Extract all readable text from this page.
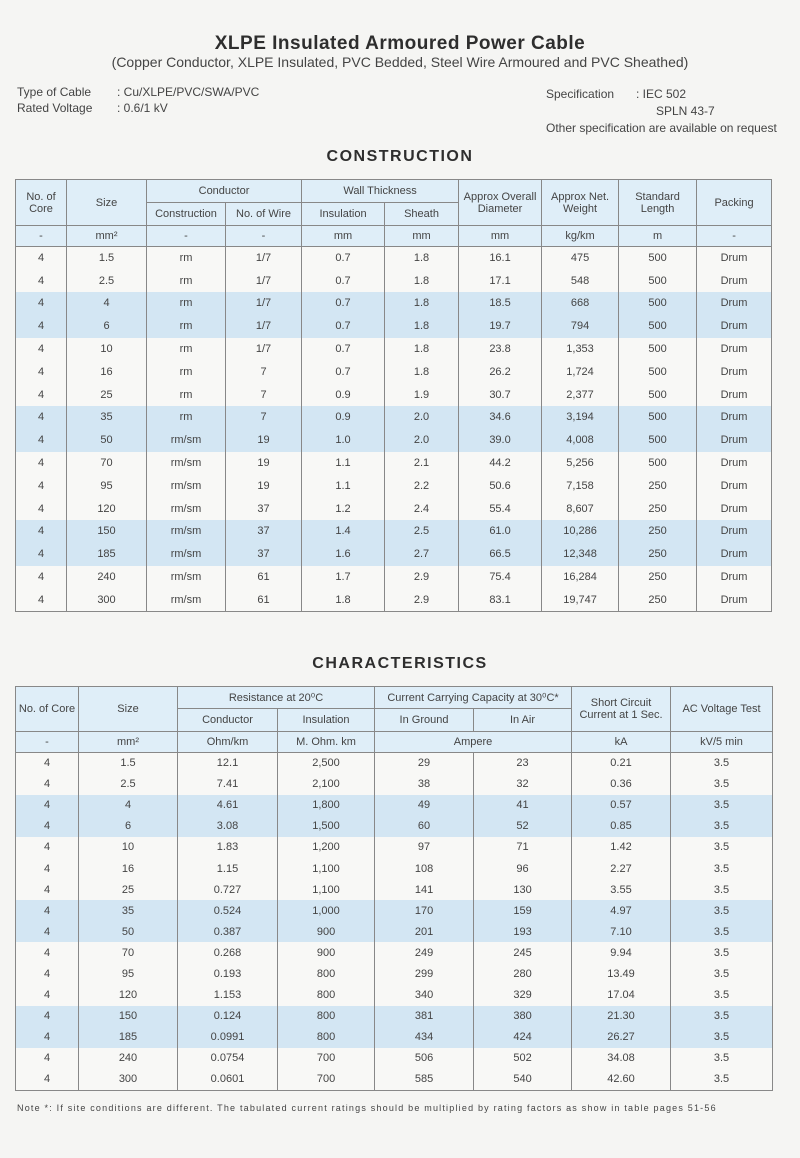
XLPE Insulated Armoured Power Cable
(Copper Conductor, XLPE Insulated, PVC Bedded, Steel Wire Armoured and PVC Sheathed)
Type of Cable	: Cu/XLPE/PVC/SWA/PVC
Rated Voltage	: 0.6/1 kV
Specification	: IEC 502
SPLN 43-7
Other specification are available on request
CONSTRUCTION
No. of Core	Size	Conductor		Wall Thickness		Approx Overall Diameter	Approx Net. Weight	Standard Length	Packing
		Construction	No. of Wire	Insulation	Sheath				
-	mm²	-	-	mm	mm	mm	kg/km	m	-
4	1.5	rm	1/7	0.7	1.8	16.1	475	500	Drum
4	2.5	rm	1/7	0.7	1.8	17.1	548	500	Drum
4	4	rm	1/7	0.7	1.8	18.5	668	500	Drum
4	6	rm	1/7	0.7	1.8	19.7	794	500	Drum
4	10	rm	1/7	0.7	1.8	23.8	1,353	500	Drum
4	16	rm	7	0.7	1.8	26.2	1,724	500	Drum
4	25	rm	7	0.9	1.9	30.7	2,377	500	Drum
4	35	rm	7	0.9	2.0	34.6	3,194	500	Drum
4	50	rm/sm	19	1.0	2.0	39.0	4,008	500	Drum
4	70	rm/sm	19	1.1	2.1	44.2	5,256	500	Drum
4	95	rm/sm	19	1.1	2.2	50.6	7,158	250	Drum
4	120	rm/sm	37	1.2	2.4	55.4	8,607	250	Drum
4	150	rm/sm	37	1.4	2.5	61.0	10,286	250	Drum
4	185	rm/sm	37	1.6	2.7	66.5	12,348	250	Drum
4	240	rm/sm	61	1.7	2.9	75.4	16,284	250	Drum
4	300	rm/sm	61	1.8	2.9	83.1	19,747	250	Drum
CHARACTERISTICS
No. of Core	Size	Resistance at 20⁰C		Current Carrying Capacity at 30⁰C*		Short Circuit Current at 1 Sec.	AC Voltage Test
		Conductor	Insulation	In Ground	In Air		
-	mm²	Ohm/km	M. Ohm. km	Ampere		kA	kV/5 min
4	1.5	12.1	2,500	29	23	0.21	3.5
4	2.5	7.41	2,100	38	32	0.36	3.5
4	4	4.61	1,800	49	41	0.57	3.5
4	6	3.08	1,500	60	52	0.85	3.5
4	10	1.83	1,200	97	71	1.42	3.5
4	16	1.15	1,100	108	96	2.27	3.5
4	25	0.727	1,100	141	130	3.55	3.5
4	35	0.524	1,000	170	159	4.97	3.5
4	50	0.387	900	201	193	7.10	3.5
4	70	0.268	900	249	245	9.94	3.5
4	95	0.193	800	299	280	13.49	3.5
4	120	1.153	800	340	329	17.04	3.5
4	150	0.124	800	381	380	21.30	3.5
4	185	0.0991	800	434	424	26.27	3.5
4	240	0.0754	700	506	502	34.08	3.5
4	300	0.0601	700	585	540	42.60	3.5
Note *: If site conditions are different. The tabulated current ratings should be multiplied by rating factors as show in table pages 51-56
